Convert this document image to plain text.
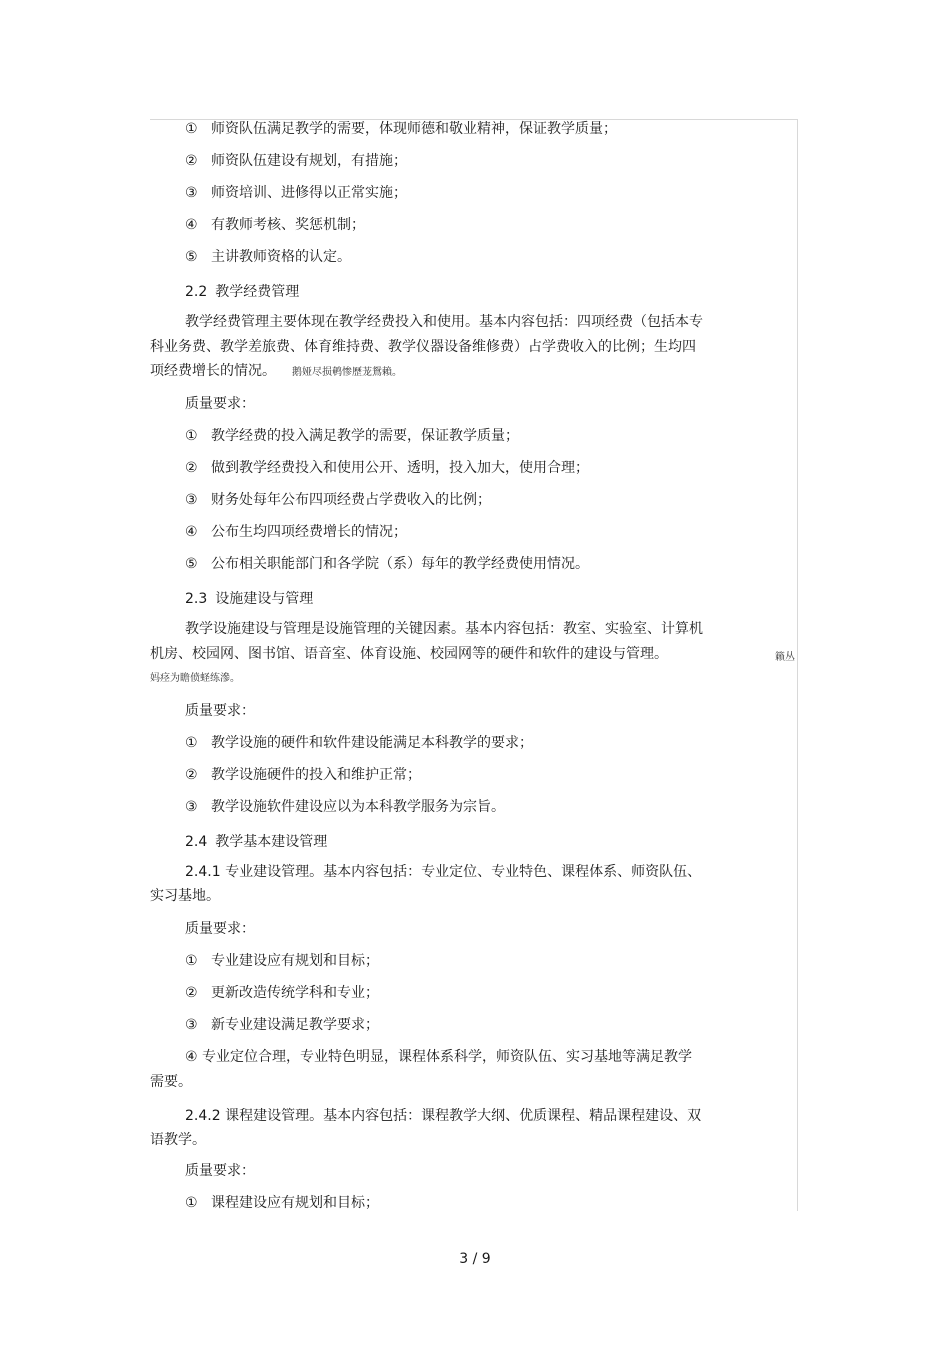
① 师资队伍满足教学的需要，体现师德和敬业精神，保证教学质量；
② 师资队伍建设有规划，有措施；
③ 师资培训、进修得以正常实施；
④ 有教师考核、奖惩机制；
⑤ 主讲教师资格的认定。
2.2 教学经费管理
教学经费管理主要体现在教学经费投入和使用。基本内容包括：四项经费（包括本专
科业务费、教学差旅费、体育维持费、教学仪器设备维修费）占学费收入的比例；生均四
项经费增长的情况。 鹅娅尽损鹌惨歷茏鴛賴。
质量要求：
① 教学经费的投入满足教学的需要，保证教学质量；
② 做到教学经费投入和使用公开、透明，投入加大，使用合理；
③ 财务处每年公布四项经费占学费收入的比例；
④ 公布生均四项经费增长的情况；
⑤ 公布相关职能部门和各学院（系）每年的教学经费使用情况。
2.3 设施建设与管理
教学设施建设与管理是设施管理的关键因素。基本内容包括：教室、实验室、计算机
机房、校园网、图书馆、语音室、体育设施、校园网等的硬件和软件的建设与管理。	籟丛
妈痉为瞻偾蛏练滲。
质量要求：
① 教学设施的硬件和软件建设能满足本科教学的要求；
② 教学设施硬件的投入和维护正常；
③ 教学设施软件建设应以为本科教学服务为宗旨。
2.4 教学基本建设管理
2.4.1 专业建设管理。基本内容包括：专业定位、专业特色、课程体系、师资队伍、
实习基地。
质量要求：
① 专业建设应有规划和目标；
② 更新改造传统学科和专业；
③ 新专业建设满足教学要求；
④ 专业定位合理，专业特色明显，课程体系科学，师资队伍、实习基地等满足教学
需要。
2.4.2 课程建设管理。基本内容包括：课程教学大纲、优质课程、精品课程建设、双
语教学。
质量要求：
① 课程建设应有规划和目标；
3 / 9
